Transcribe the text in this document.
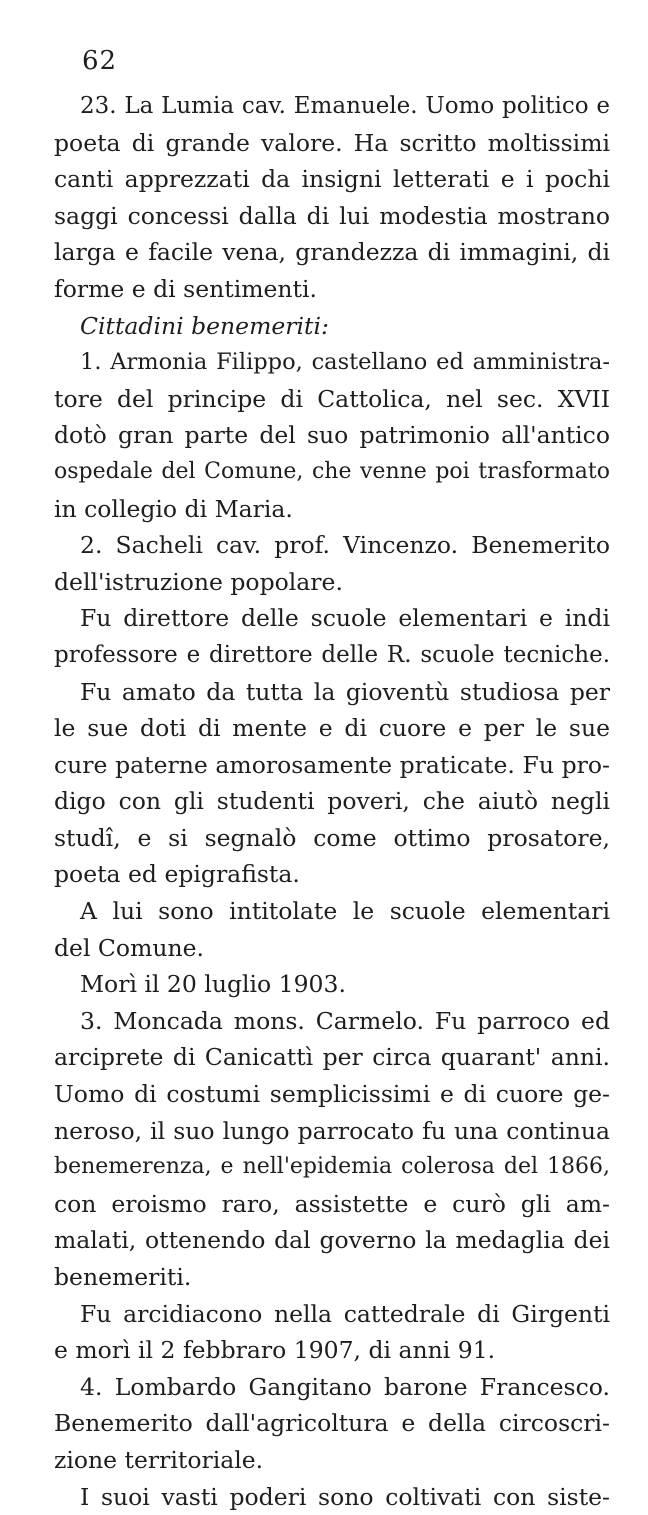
62
23. La Lumia cav. Emanuele. Uomo politico e
poeta di grande valore. Ha scritto moltissimi
canti apprezzati da insigni letterati e i pochi
saggi concessi dalla di lui modestia mostrano
larga e facile vena, grandezza di immagini, di
forme e di sentimenti.
Cittadini benemeriti:
1. Armonia Filippo, castellano ed amministra-
tore del principe di Cattolica, nel sec. XVII
dotò gran parte del suo patrimonio all'antico
ospedale del Comune, che venne poi trasformato
in collegio di Maria.
2. Sacheli cav. prof. Vincenzo. Benemerito
dell'istruzione popolare.
Fu direttore delle scuole elementari e indi
professore e direttore delle R. scuole tecniche.
Fu amato da tutta la gioventù studiosa per
le sue doti di mente e di cuore e per le sue
cure paterne amorosamente praticate. Fu pro-
digo con gli studenti poveri, che aiutò negli
studî, e si segnalò come ottimo prosatore,
poeta ed epigrafista.
A lui sono intitolate le scuole elementari
del Comune.
Morì il 20 luglio 1903.
3. Moncada mons. Carmelo. Fu parroco ed
arciprete di Canicattì per circa quarant' anni.
Uomo di costumi semplicissimi e di cuore ge-
neroso, il suo lungo parrocato fu una continua
benemerenza, e nell'epidemia colerosa del 1866,
con eroismo raro, assistette e curò gli am-
malati, ottenendo dal governo la medaglia dei
benemeriti.
Fu arcidiacono nella cattedrale di Girgenti
e morì il 2 febbraro 1907, di anni 91.
4. Lombardo Gangitano barone Francesco.
Benemerito dall'agricoltura e della circoscri-
zione territoriale.
I suoi vasti poderi sono coltivati con siste-
